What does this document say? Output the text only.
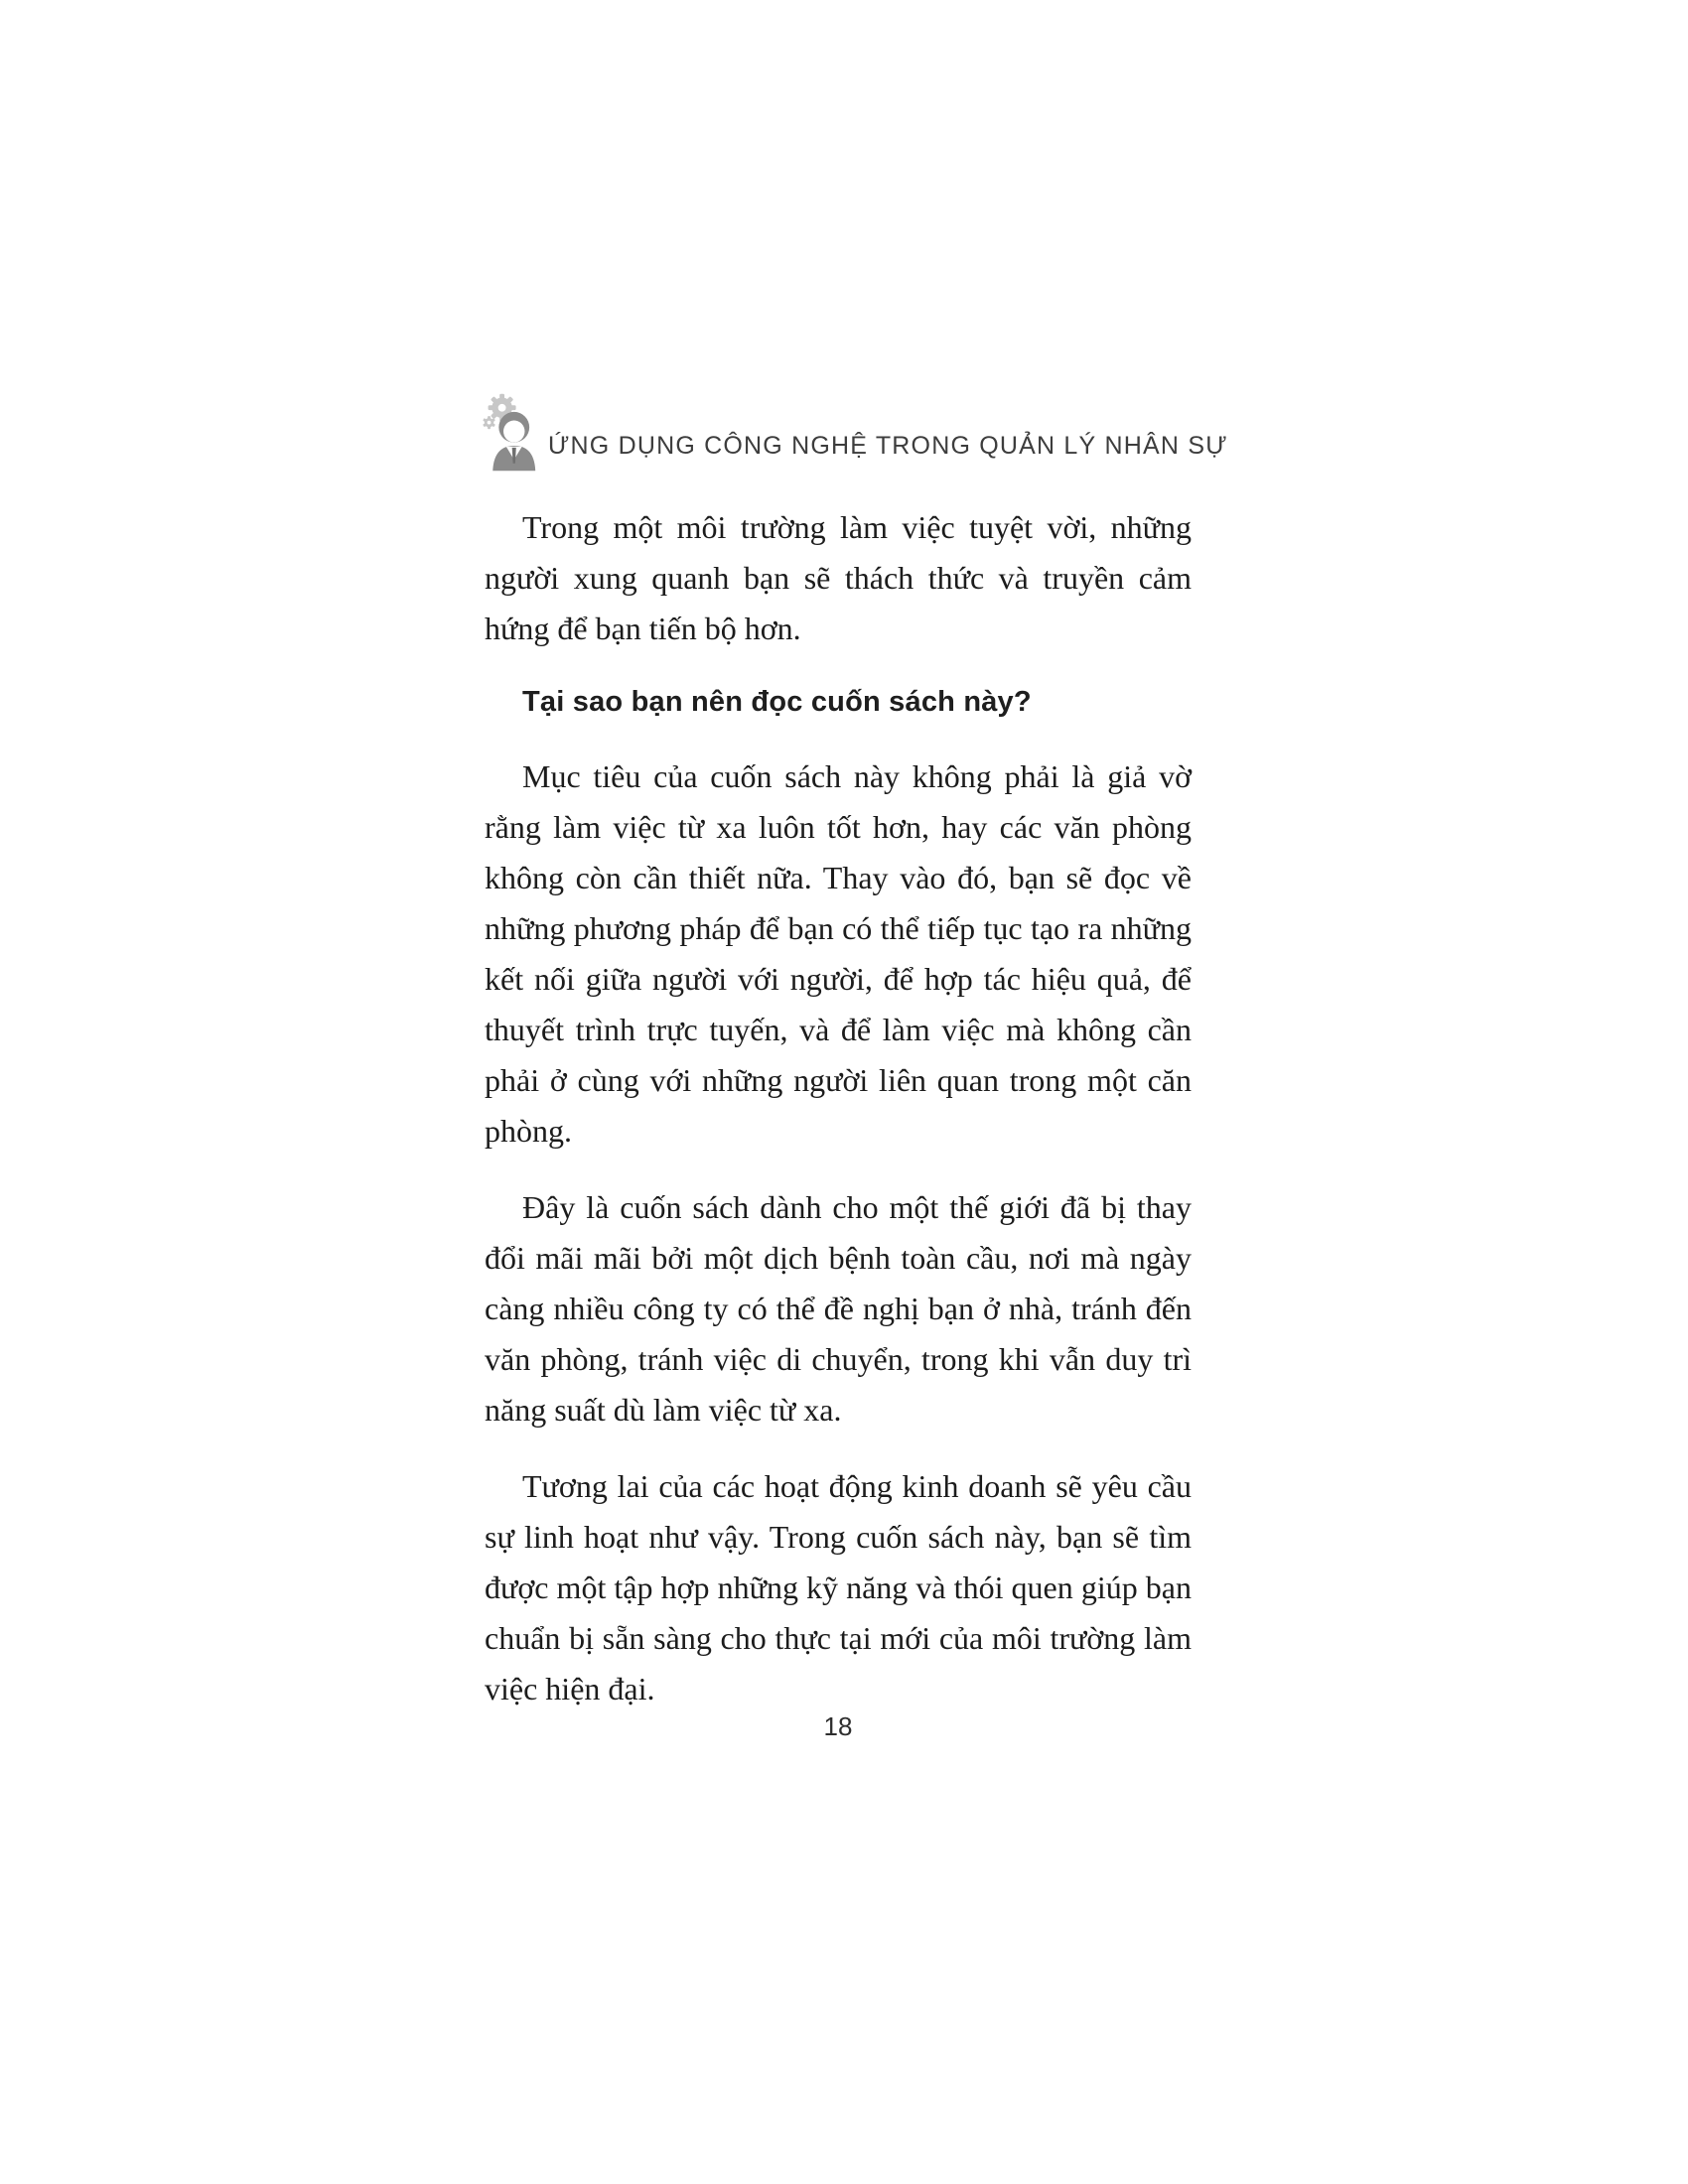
ỨNG DỤNG CÔNG NGHỆ TRONG QUẢN LÝ NHÂN SỰ

Trong một môi trường làm việc tuyệt vời, những người xung quanh bạn sẽ thách thức và truyền cảm hứng để bạn tiến bộ hơn.

Tại sao bạn nên đọc cuốn sách này?

Mục tiêu của cuốn sách này không phải là giả vờ rằng làm việc từ xa luôn tốt hơn, hay các văn phòng không còn cần thiết nữa. Thay vào đó, bạn sẽ đọc về những phương pháp để bạn có thể tiếp tục tạo ra những kết nối giữa người với người, để hợp tác hiệu quả, để thuyết trình trực tuyến, và để làm việc mà không cần phải ở cùng với những người liên quan trong một căn phòng.

Đây là cuốn sách dành cho một thế giới đã bị thay đổi mãi mãi bởi một dịch bệnh toàn cầu, nơi mà ngày càng nhiều công ty có thể đề nghị bạn ở nhà, tránh đến văn phòng, tránh việc di chuyển, trong khi vẫn duy trì năng suất dù làm việc từ xa.

Tương lai của các hoạt động kinh doanh sẽ yêu cầu sự linh hoạt như vậy. Trong cuốn sách này, bạn sẽ tìm được một tập hợp những kỹ năng và thói quen giúp bạn chuẩn bị sẵn sàng cho thực tại mới của môi trường làm việc hiện đại.

18
